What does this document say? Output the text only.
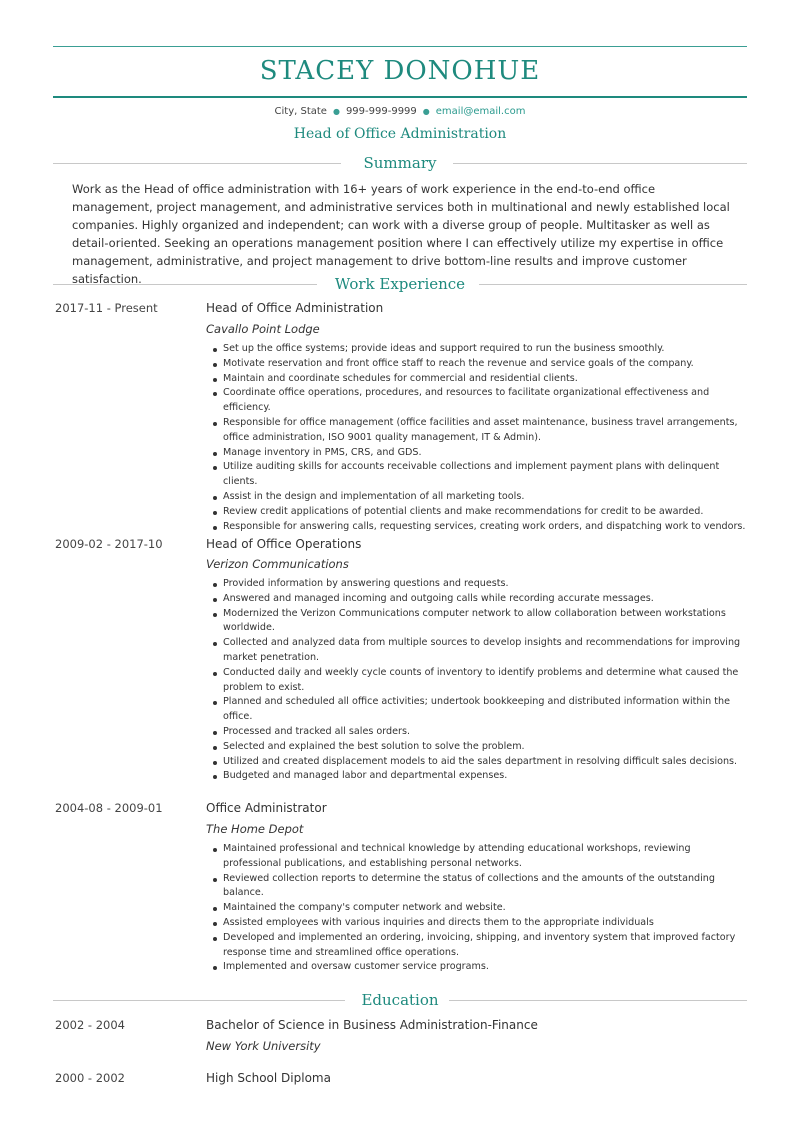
STACEY DONOHUE
City, State ● 999-999-9999 ● email@email.com
Head of Office Administration
Summary
Work as the Head of office administration with 16+ years of work experience in the end-to-end office management, project management, and administrative services both in multinational and newly established local companies. Highly organized and independent; can work with a diverse group of people. Multitasker as well as detail-oriented. Seeking an operations management position where I can effectively utilize my expertise in office management, administrative, and project management to drive bottom-line results and improve customer satisfaction.	Work Experience
2017-11 - Present	Head of Office Administration
Cavallo Point Lodge
Set up the office systems; provide ideas and support required to run the business smoothly.
Motivate reservation and front office staff to reach the revenue and service goals of the company.
Maintain and coordinate schedules for commercial and residential clients.
Coordinate office operations, procedures, and resources to facilitate organizational effectiveness and efficiency.
Responsible for office management (office facilities and asset maintenance, business travel arrangements, office administration, ISO 9001 quality management, IT & Admin).
Manage inventory in PMS, CRS, and GDS.
Utilize auditing skills for accounts receivable collections and implement payment plans with delinquent clients.
Assist in the design and implementation of all marketing tools.
Review credit applications of potential clients and make recommendations for credit to be awarded.
Responsible for answering calls, requesting services, creating work orders, and dispatching work to vendors.
2009-02 - 2017-10	Head of Office Operations
Verizon Communications
Provided information by answering questions and requests.
Answered and managed incoming and outgoing calls while recording accurate messages.
Modernized the Verizon Communications computer network to allow collaboration between workstations worldwide.
Collected and analyzed data from multiple sources to develop insights and recommendations for improving market penetration.
Conducted daily and weekly cycle counts of inventory to identify problems and determine what caused the problem to exist.
Planned and scheduled all office activities; undertook bookkeeping and distributed information within the office.
Processed and tracked all sales orders.
Selected and explained the best solution to solve the problem.
Utilized and created displacement models to aid the sales department in resolving difficult sales decisions.
Budgeted and managed labor and departmental expenses.
2004-08 - 2009-01	Office Administrator
The Home Depot
Maintained professional and technical knowledge by attending educational workshops, reviewing professional publications, and establishing personal networks.
Reviewed collection reports to determine the status of collections and the amounts of the outstanding balance.
Maintained the company's computer network and website.
Assisted employees with various inquiries and directs them to the appropriate individuals
Developed and implemented an ordering, invoicing, shipping, and inventory system that improved factory response time and streamlined office operations.
Implemented and oversaw customer service programs.
Education
2002 - 2004	Bachelor of Science in Business Administration-Finance
New York University
2000 - 2002	High School Diploma
